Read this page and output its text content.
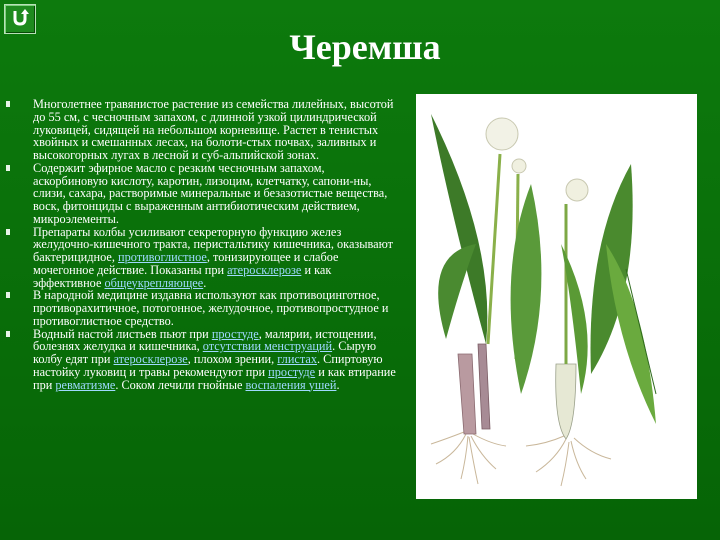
Черемша
Многолетнее травянистое растение из семейства лилейных, высотой до 55 см, с чесночным запахом, с длинной узкой цилиндрической луковицей, сидящей на небольшом корневище. Растет в тенистых хвойных и смешанных лесах, на болоти-стых почвах, заливных и высокогорных лугах в лесной и суб-альпийской зонах.
Содержит эфирное масло с резким чесночным запахом, аскорбиновую кислоту, каротин, лизоцим, клетчатку, сапони-ны, слизи, сахара, растворимые минеральные и безазотистые вещества, воск, фитонциды с выраженным антибиотическим действием, микроэлементы.
Препараты колбы усиливают секреторную функцию желез желудочно-кишечного тракта, перистальтику кишечника, оказывают бактерицидное, противоглистное, тонизирующее и слабое мочегонное действие. Показаны при атеросклерозе и как эффективное общеукрепляющее.
В народной медицине издавна используют как противоцинготное, противорахитичное, потогонное, желудочное, противопростудное и противоглистное средство.
Водный настой листьев пьют при простуде, малярии, истощении, болезнях желудка и кишечника, отсутствии менструаций. Сырую колбу едят при атеросклерозе, плохом зрении, глистах. Спиртовую настойку луковиц и травы рекомендуют при простуде и как втирание при ревматизме. Соком лечили гнойные воспаления ушей.
